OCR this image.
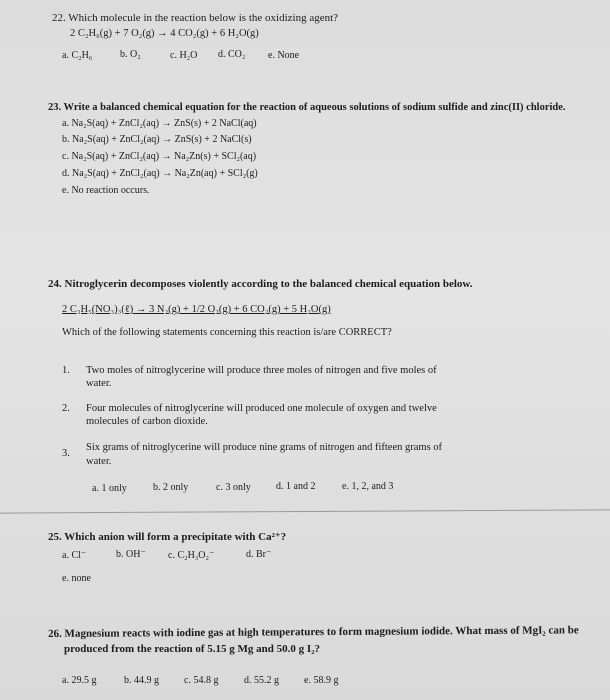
22. Which molecule in the reaction below is the oxidizing agent?
2 C₂H₆(g) + 7 O₂(g) → 4 CO₂(g) + 6 H₂O(g)
a. C₂H₆	b. O₂	c. H₂O d. CO₂ e. None
23. Write a balanced chemical equation for the reaction of aqueous solutions of sodium sulfide and zinc(II) chloride.
a. Na₂S(aq) + ZnCl₂(aq) → ZnS(s) + 2 NaCl(aq)
b. Na₂S(aq) + ZnCl₂(aq) → ZnS(s) + 2 NaCl(s)
c. Na₂S(aq) + ZnCl₂(aq) → Na₂Zn(s) + SCl₂(aq)
d. Na₂S(aq) + ZnCl₂(aq) → Na₂Zn(aq) + SCl₂(g)
e. No reaction occurs.
24. Nitroglycerin decomposes violently according to the balanced chemical equation below.
2 C₃H₅(NO₃)₃(ℓ) → 3 N₂(g) + 1/2 O₂(g) + 6 CO₂(g) + 5 H₂O(g)
Which of the following statements concerning this reaction is/are CORRECT?
1. Two moles of nitroglycerine will produce three moles of nitrogen and five moles of
water.
2. Four molecules of nitroglycerine will produced one molecule of oxygen and twelve
molecules of carbon dioxide.
3.
Six grams of nitroglycerine will produce nine grams of nitrogen and fifteen grams of
water.
a. 1 only	b. 2 only	c. 3 only	d. 1 and 2	e. 1, 2, and 3
25. Which anion will form a precipitate with Ca²⁺?
a. Cl⁻	b. OH⁻ c. C₂H₃O₂⁻	d. Br⁻
e. none
26. Magnesium reacts with iodine gas at high temperatures to form magnesium iodide. What mass of MgI₂ can be
produced from the reaction of 5.15 g Mg and 50.0 g I₂?
a. 29.5 g	b. 44.9 g	c. 54.8 g	d. 55.2 g	e. 58.9 g
